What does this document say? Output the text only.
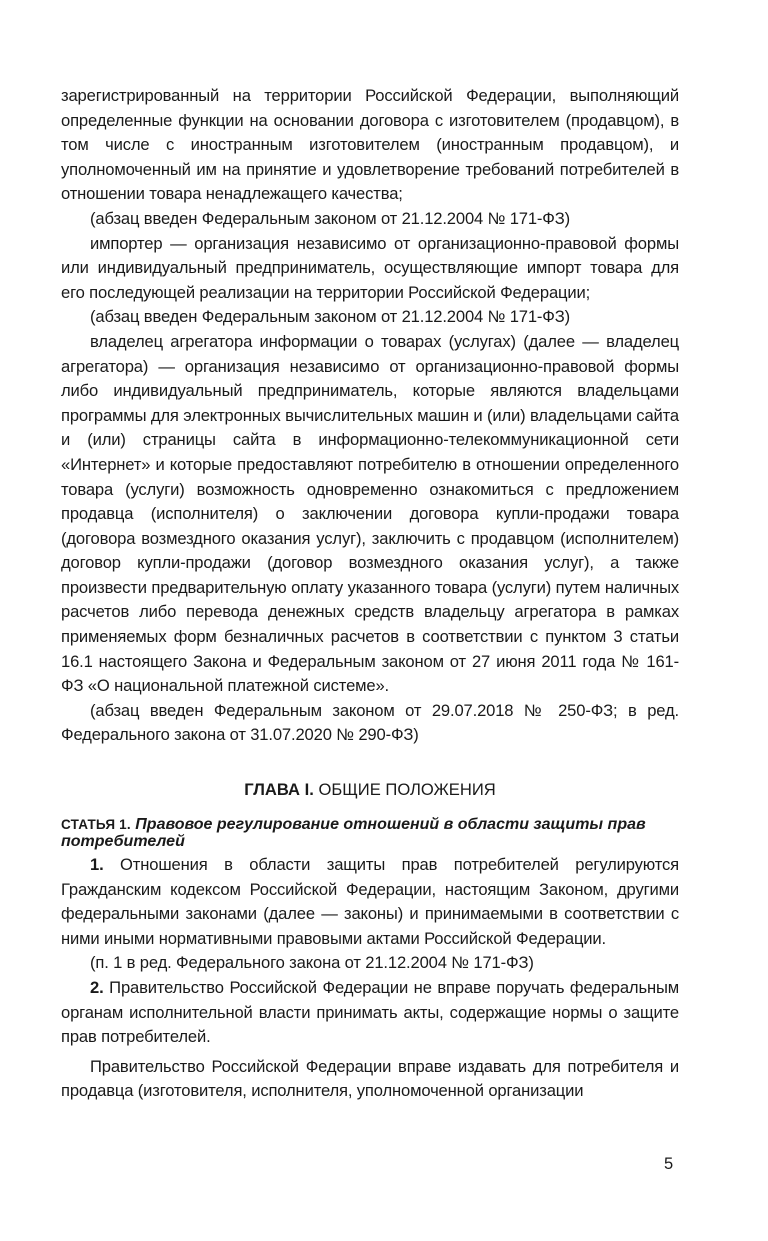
зарегистрированный на территории Российской Федерации, выполняющий определенные функции на основании договора с изготовителем (продавцом), в том числе с иностранным изготовителем (иностранным продавцом), и уполномоченный им на принятие и удовлетворение требований потребителей в отношении товара ненадлежащего качества;

(абзац введен Федеральным законом от 21.12.2004 № 171-ФЗ)

импортер — организация независимо от организационно-правовой формы или индивидуальный предприниматель, осуществляющие импорт товара для его последующей реализации на территории Российской Федерации;

(абзац введен Федеральным законом от 21.12.2004 № 171-ФЗ)

владелец агрегатора информации о товарах (услугах) (далее — владелец агрегатора) — организация независимо от организационно-правовой формы либо индивидуальный предприниматель, которые являются владельцами программы для электронных вычислительных машин и (или) владельцами сайта и (или) страницы сайта в информационно-телекоммуникационной сети «Интернет» и которые предоставляют потребителю в отношении определенного товара (услуги) возможность одновременно ознакомиться с предложением продавца (исполнителя) о заключении договора купли-продажи товара (договора возмездного оказания услуг), заключить с продавцом (исполнителем) договор купли-продажи (договор возмездного оказания услуг), а также произвести предварительную оплату указанного товара (услуги) путем наличных расчетов либо перевода денежных средств владельцу агрегатора в рамках применяемых форм безналичных расчетов в соответствии с пунктом 3 статьи 16.1 настоящего Закона и Федеральным законом от 27 июня 2011 года № 161-ФЗ «О национальной платежной системе».

(абзац введен Федеральным законом от 29.07.2018 № 250-ФЗ; в ред. Федерального закона от 31.07.2020 № 290-ФЗ)

ГЛАВА I. ОБЩИЕ ПОЛОЖЕНИЯ
СТАТЬЯ 1. Правовое регулирование отношений в области защиты прав потребителей

1. Отношения в области защиты прав потребителей регулируются Гражданским кодексом Российской Федерации, настоящим Законом, другими федеральными законами (далее — законы) и принимаемыми в соответствии с ними иными нормативными правовыми актами Российской Федерации.

(п. 1 в ред. Федерального закона от 21.12.2004 № 171-ФЗ)

2. Правительство Российской Федерации не вправе поручать федеральным органам исполнительной власти принимать акты, содержащие нормы о защите прав потребителей.

Правительство Российской Федерации вправе издавать для потребителя и продавца (изготовителя, исполнителя, уполномоченной организации

5
